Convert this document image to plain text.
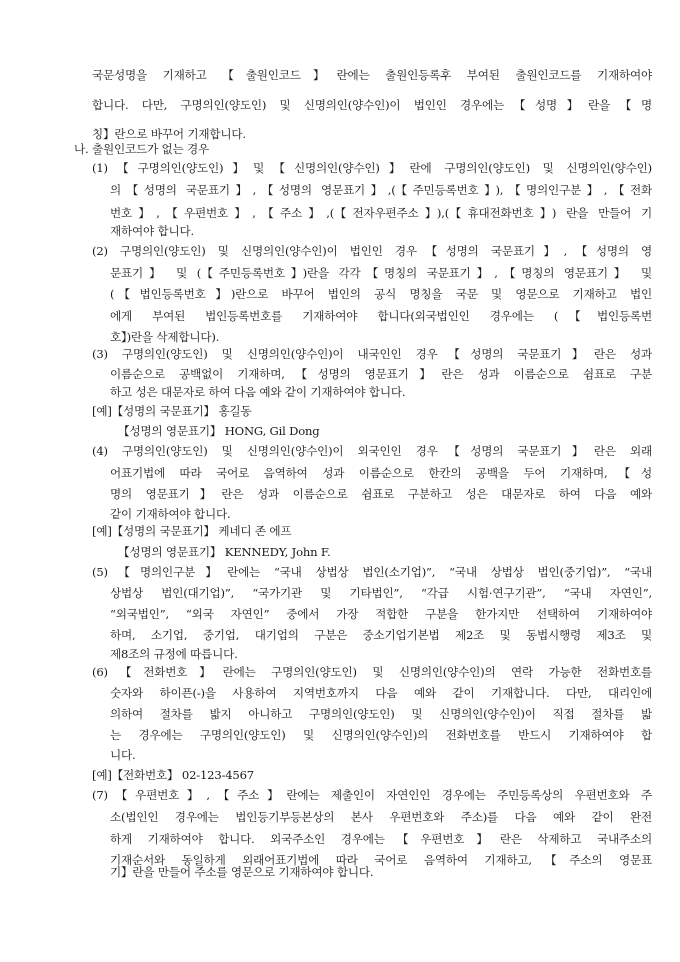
국문성명을 기재하고 【출원인코드】란에는 출원인등록후 부여된 출원인코드를 기재하여야
합니다. 다만, 구명의인(양도인) 및 신명의인(양수인)이 법인인 경우에는【성명】란을【명
칭】란으로 바꾸어 기재합니다.
나. 출원인코드가 없는 경우
(1)【구명의인(양도인)】및【신명의인(양수인)】란에 구명의인(양도인) 및 신명의인(양수인)
의【성명의 국문표기】,【성명의 영문표기】,(【주민등록번호】),【명의인구분】,【전화
번호】,【우편번호】,【주소】,(【전자우편주소】),(【휴대전화번호】) 란을 만들어 기
재하여야 합니다.
(2) 구명의인(양도인) 및 신명의인(양수인)이 법인인 경우【성명의 국문표기】,【성명의 영
문표기】 및 (【주민등록번호】)란을 각각【명칭의 국문표기】,【명칭의 영문표기】 및
(【법인등록번호】)란으로 바꾸어 법인의 공식 명칭을 국문 및 영문으로 기재하고 법인
에게 부여된 법인등록번호를 기재하여야 합니다(외국법인인 경우에는 (【법인등록번
호】)란을 삭제합니다).
(3) 구명의인(양도인) 및 신명의인(양수인)이 내국인인 경우【성명의 국문표기】란은 성과
이름순으로 공백없이 기재하며,【성명의 영문표기】란은 성과 이름순으로 쉼표로 구분
하고 성은 대문자로 하여 다음 예와 같이 기재하여야 합니다.
[예]【성명의 국문표기】 홍길동
【성명의 영문표기】 HONG, Gil Dong
(4) 구명의인(양도인) 및 신명의인(양수인)이 외국인인 경우【성명의 국문표기】란은 외래
어표기법에 따라 국어로 음역하여 성과 이름순으로 한칸의 공백을 두어 기재하며,【성
명의 영문표기】란은 성과 이름순으로 쉼표로 구분하고 성은 대문자로 하여 다음 예와
같이 기재하여야 합니다.
[예]【성명의 국문표기】 케네디 존 에프
【성명의 영문표기】 KENNEDY, John F.
(5)【명의인구분】란에는 “국내 상법상 법인(소기업)”, “국내 상법상 법인(중기업)”, “국내
상법상 법인(대기업)”, “국가기관 및 기타법인”, “각급 시험·연구기관”, “국내 자연인”,
“외국법인”, “외국 자연인” 중에서 가장 적합한 구분을 한가지만 선택하여 기재하여야
하며, 소기업, 중기업, 대기업의 구분은 중소기업기본법 제2조 및 동법시행령 제3조 및
제8조의 규정에 따릅니다.
(6)【전화번호】란에는 구명의인(양도인) 및 신명의인(양수인)의 연락 가능한 전화번호를
숫자와 하이픈(-)을 사용하여 지역번호까지 다음 예와 같이 기재합니다. 다만, 대리인에
의하여 절차를 밟지 아니하고 구명의인(양도인) 및 신명의인(양수인)이 직접 절차를 밟
는 경우에는 구명의인(양도인) 및 신명의인(양수인)의 전화번호를 반드시 기재하여야 합
니다.
[예]【전화번호】 02-123-4567
(7)【우편번호】,【주소】란에는 제출인이 자연인인 경우에는 주민등록상의 우편번호와 주
소(법인인 경우에는 법인등기부등본상의 본사 우편번호와 주소)를 다음 예와 같이 완전
하게 기재하여야 합니다. 외국주소인 경우에는【우편번호】란은 삭제하고 국내주소의
기재순서와 동일하게 외래어표기법에 따라 국어로 음역하여 기재하고,【주소의 영문표
기】란을 만들어 주소를 영문으로 기재하여야 합니다.
